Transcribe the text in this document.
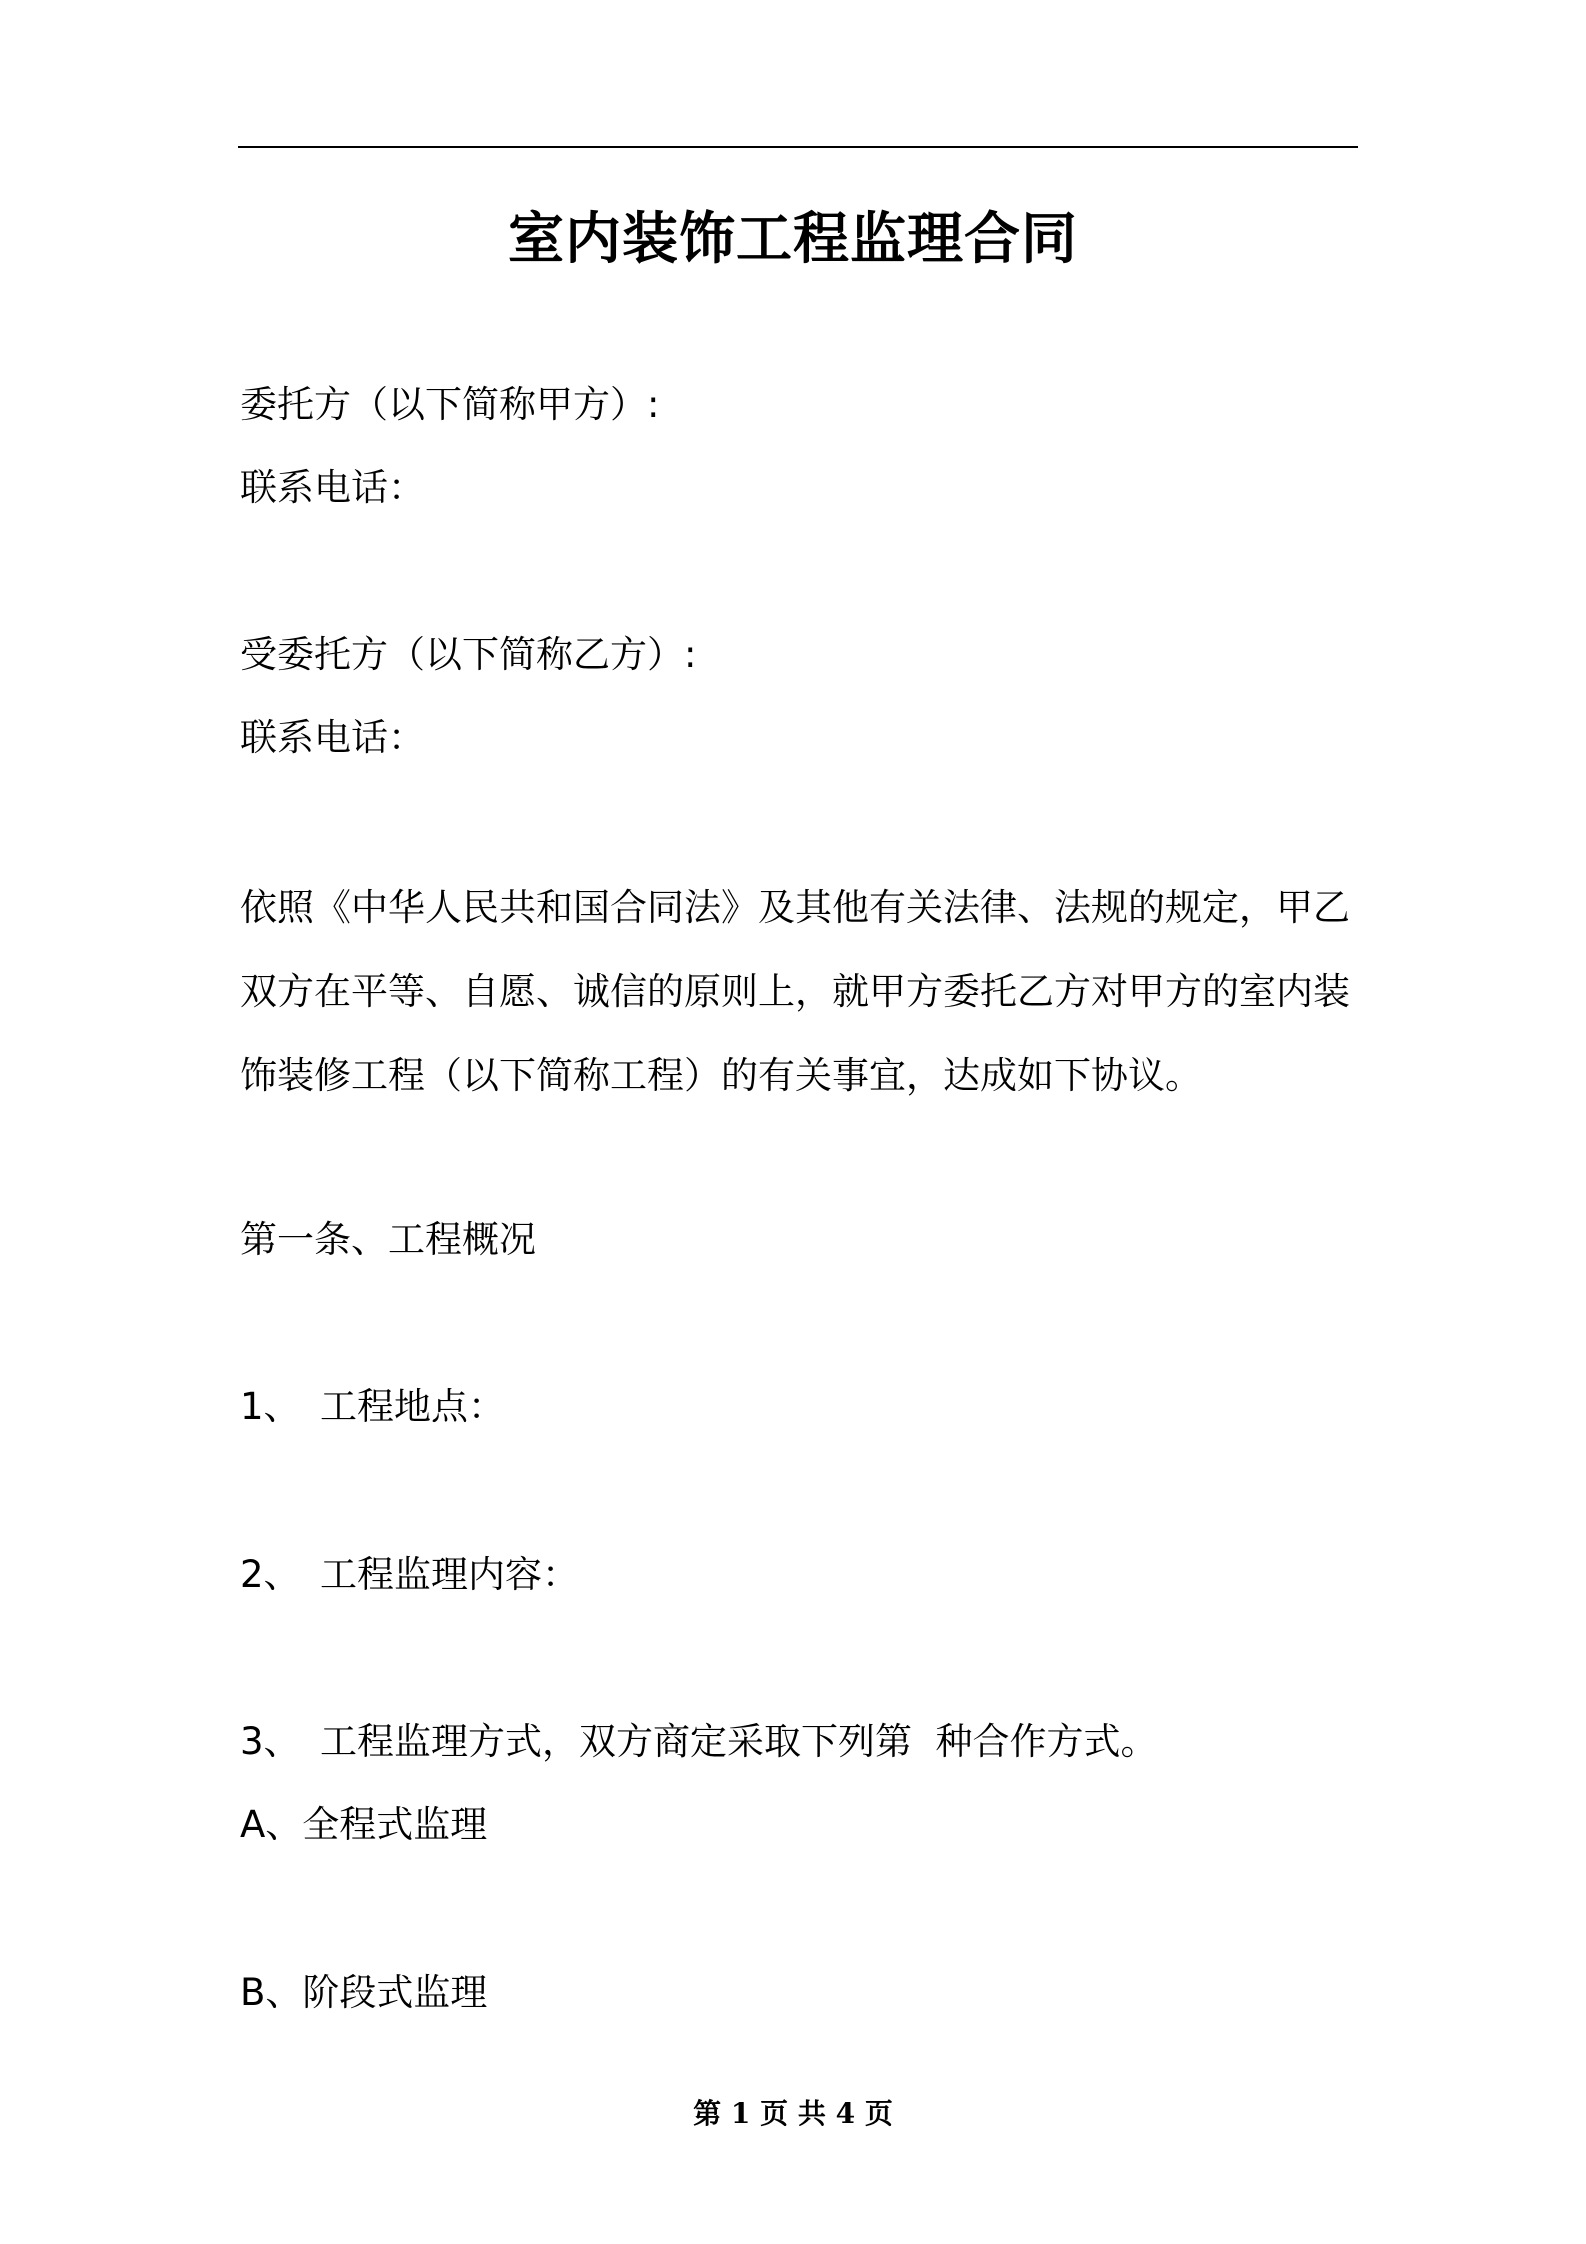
室内装饰工程监理合同
委托方（以下简称甲方）:
联系电话：
受委托方（以下简称乙方）:
联系电话：
依照《中华人民共和国合同法》及其他有关法律、法规的规定，甲乙
双方在平等、自愿、诚信的原则上，就甲方委托乙方对甲方的室内装
饰装修工程（以下简称工程）的有关事宜，达成如下协议。
第一条、工程概况
1、 工程地点：
2、 工程监理内容：
3、 工程监理方式，双方商定采取下列第  种合作方式。
A、全程式监理
B、阶段式监理
第 1 页 共 4 页
